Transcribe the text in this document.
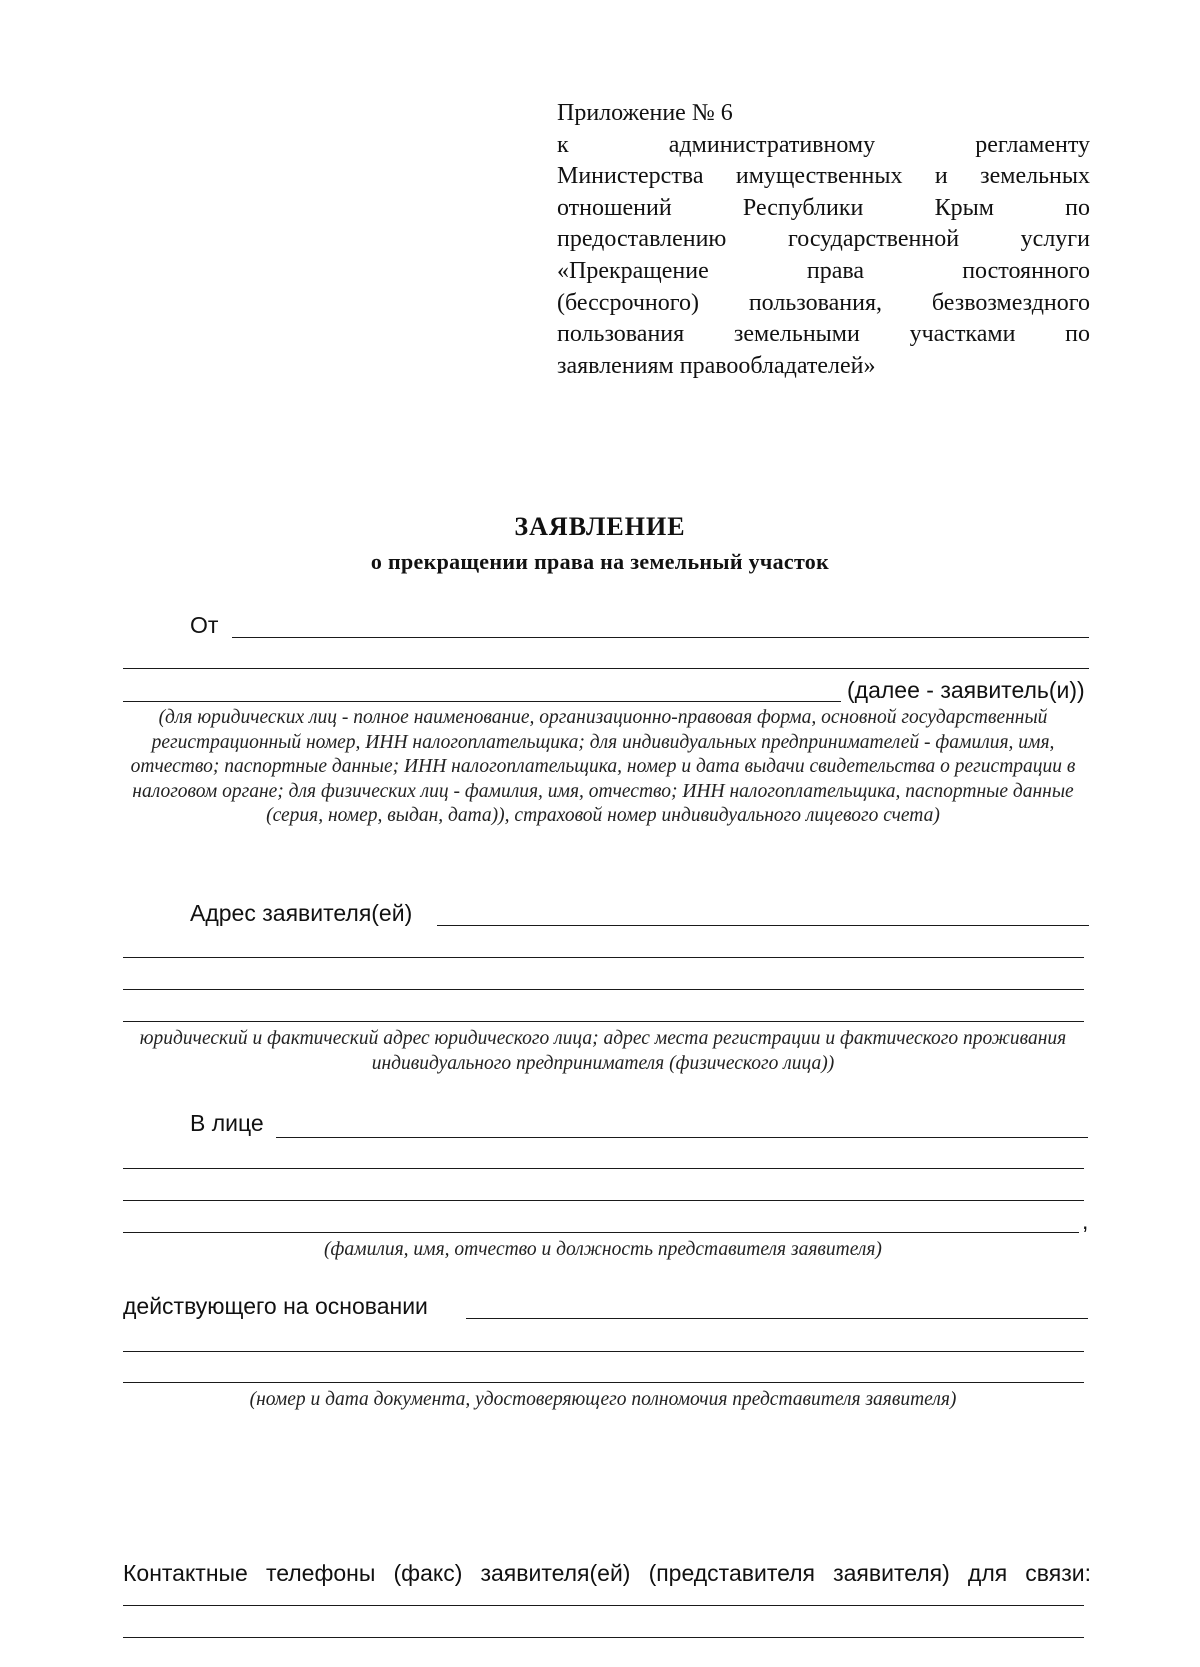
Приложение № 6
к административному регламенту
Министерства имущественных и земельных
отношений Республики Крым по
предоставлению государственной услуги
«Прекращение права постоянного
(бессрочного) пользования, безвозмездного
пользования земельными участками по
заявлениям правообладателей»
ЗАЯВЛЕНИЕ
о прекращении права на земельный участок
От
(далее - заявитель(и))
(для юридических лиц - полное наименование, организационно-правовая форма, основной государственный регистрационный номер, ИНН налогоплательщика; для индивидуальных предпринимателей - фамилия, имя, отчество; паспортные данные; ИНН налогоплательщика, номер и дата выдачи свидетельства о регистрации в налоговом органе; для физических лиц - фамилия, имя, отчество; ИНН налогоплательщика, паспортные данные (серия, номер, выдан, дата)), страховой номер индивидуального лицевого счета)
Адрес заявителя(ей)
юридический и фактический адрес юридического лица; адрес места регистрации и фактического проживания индивидуального предпринимателя (физического лица))
В лице
,
(фамилия, имя, отчество и должность представителя заявителя)
действующего на основании
(номер и дата документа, удостоверяющего полномочия представителя заявителя)
Контактные телефоны (факс) заявителя(ей) (представителя заявителя) для связи:
